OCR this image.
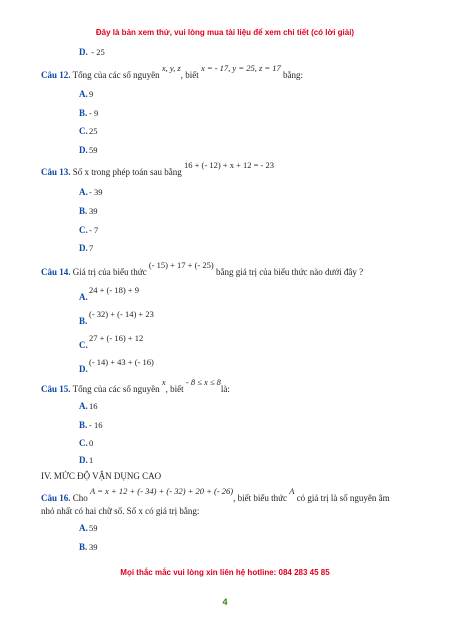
Đây là bản xem thử, vui lòng mua tài liệu để xem chi tiết (có lời giải)
D. - 25
Câu 12. Tổng của các số nguyên x, y, z, biết x = - 17, y = 25, z = 17 bằng:
A.9
B. - 9
C.25
D.59
Câu 13. Số x trong phép toán sau bằng 16 + (- 12) + x + 12 = - 23
A.- 39
B. 39
C.- 7
D.7
Câu 14. Giá trị của biểu thức (- 15) + 17 + (- 25) bằng giá trị của biểu thức nào dưới đây ?
A.24 + (- 18) + 9
B.(- 32) + (- 14) + 23
C.27 + (- 16) + 12
D.(- 14) + 43 + (- 16)
Câu 15. Tổng của các số nguyên x, biết - 8 ≤ x ≤ 8là:
A.16
B. - 16
C.0
D.1
IV. MỨC ĐỘ VẬN DỤNG CAO
Câu 16. Cho A = x + 12 + (- 34) + (- 32) + 20 + (- 26), biết biểu thức A có giá trị là số nguyên âm
nhỏ nhất có hai chữ số. Số x có giá trị bằng:
A.59
B. 39
Mọi thắc mắc vui lòng xin liên hệ hotline: 084 283 45 85
4
